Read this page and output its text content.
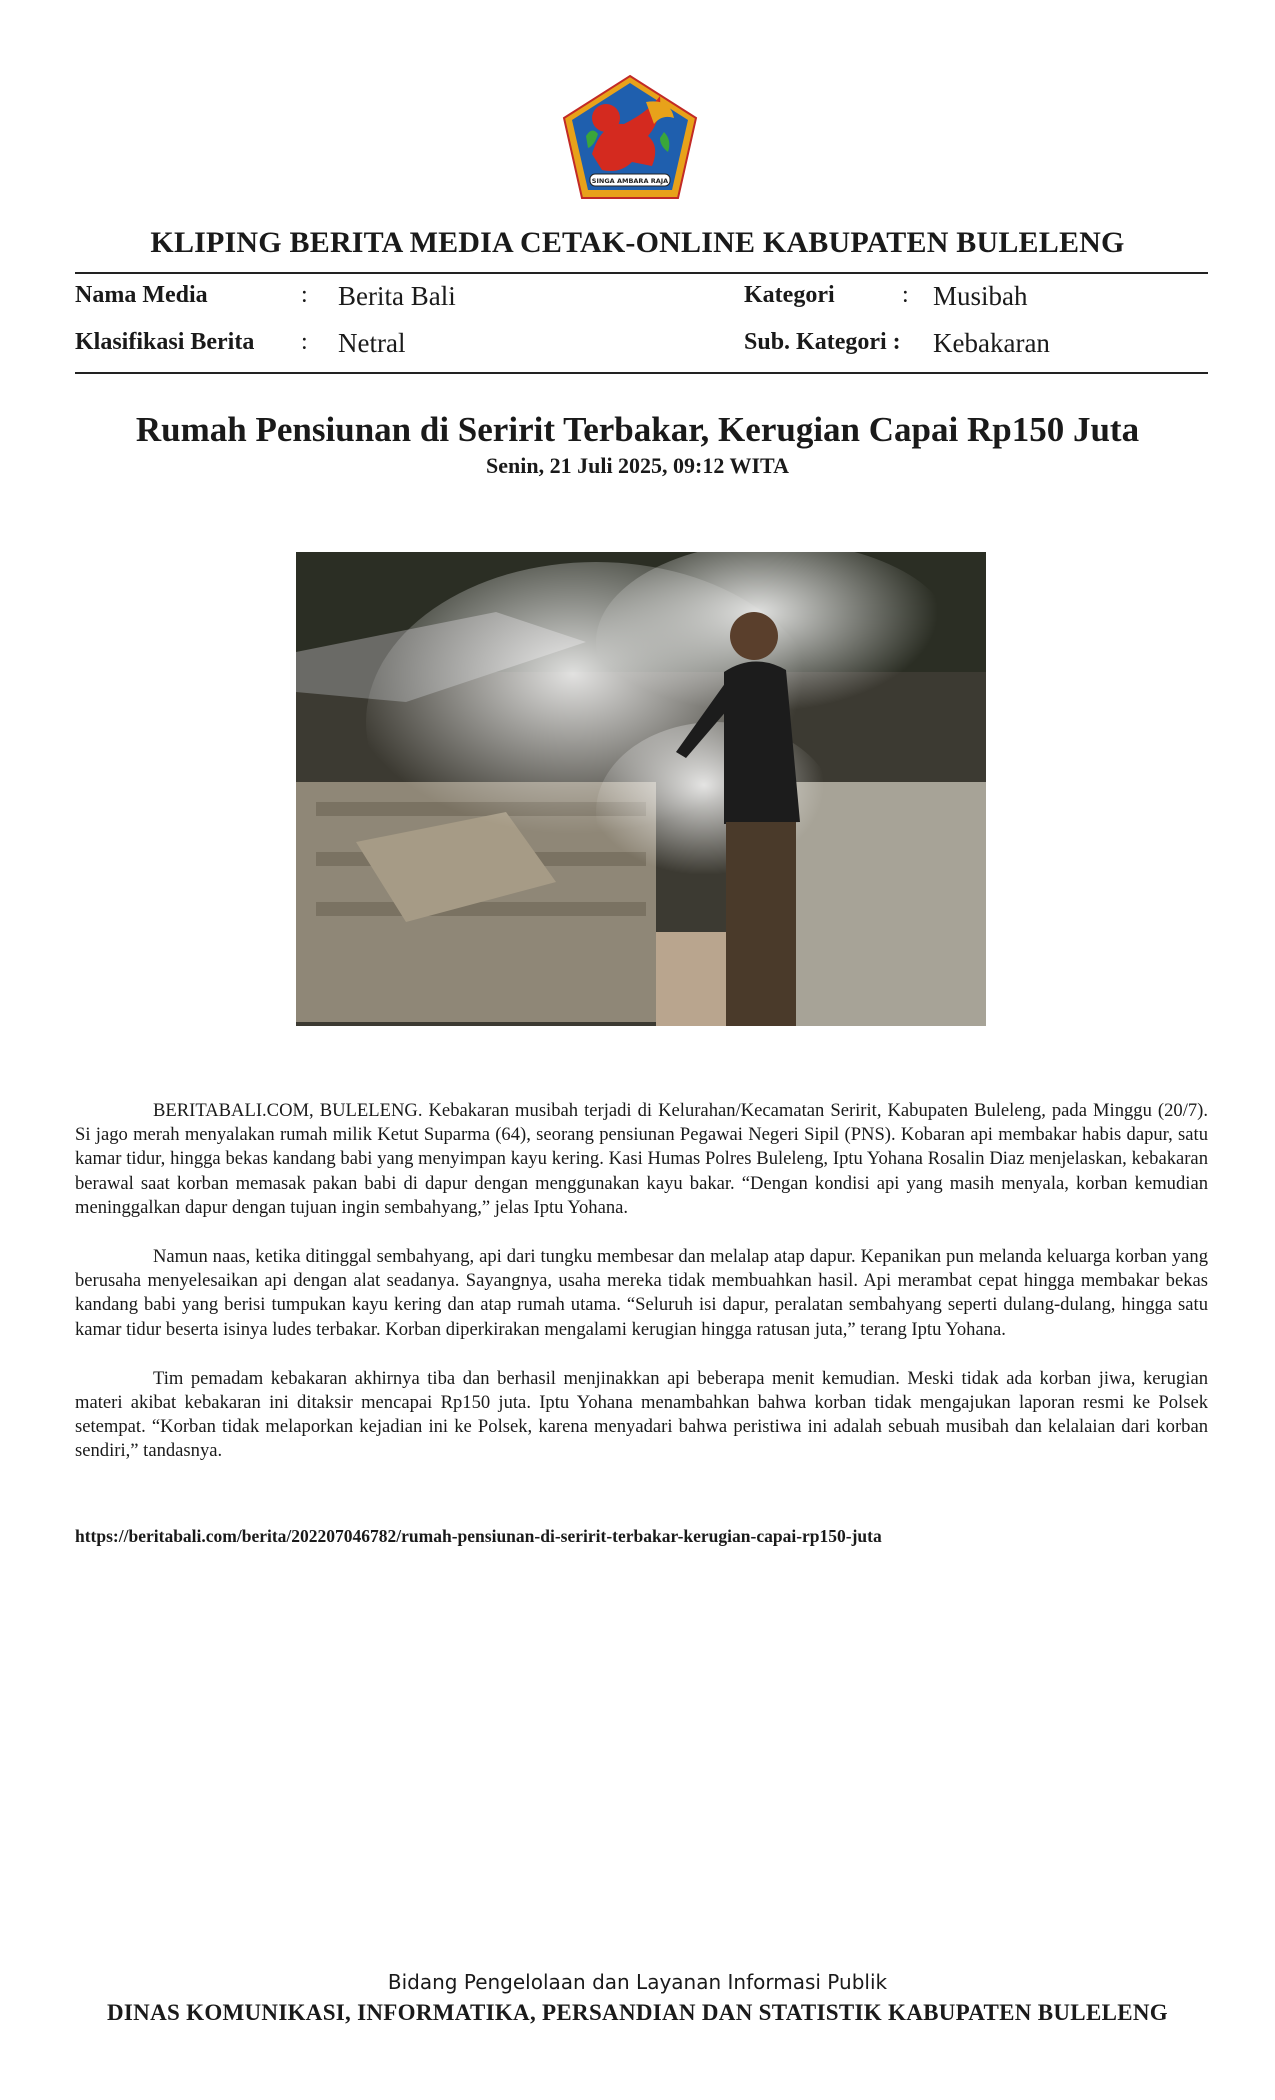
SINGA AMBARA RAJA
KLIPING BERITA MEDIA CETAK-ONLINE KABUPATEN BULELENG
Nama Media	: Berita Bali
Klasifikasi Berita : Netral
Kategori	: Musibah
Sub. Kategori : Kebakaran
Rumah Pensiunan di Seririt Terbakar, Kerugian Capai Rp150 Juta
Senin, 21 Juli 2025, 09:12 WITA

BERITABALI.COM, BULELENG. Kebakaran musibah terjadi di Kelurahan/Kecamatan Seririt, Kabupaten Buleleng, pada Minggu (20/7). Si jago merah menyalakan rumah milik Ketut Suparma (64), seorang pensiunan Pegawai Negeri Sipil (PNS). Kobaran api membakar habis dapur, satu kamar tidur, hingga bekas kandang babi yang menyimpan kayu kering. Kasi Humas Polres Buleleng, Iptu Yohana Rosalin Diaz menjelaskan, kebakaran berawal saat korban memasak pakan babi di dapur dengan menggunakan kayu bakar. “Dengan kondisi api yang masih menyala, korban kemudian meninggalkan dapur dengan tujuan ingin sembahyang,” jelas Iptu Yohana.

Namun naas, ketika ditinggal sembahyang, api dari tungku membesar dan melalap atap dapur. Kepanikan pun melanda keluarga korban yang berusaha menyelesaikan api dengan alat seadanya. Sayangnya, usaha mereka tidak membuahkan hasil. Api merambat cepat hingga membakar bekas kandang babi yang berisi tumpukan kayu kering dan atap rumah utama. “Seluruh isi dapur, peralatan sembahyang seperti dulang-dulang, hingga satu kamar tidur beserta isinya ludes terbakar. Korban diperkirakan mengalami kerugian hingga ratusan juta,” terang Iptu Yohana.

Tim pemadam kebakaran akhirnya tiba dan berhasil menjinakkan api beberapa menit kemudian. Meski tidak ada korban jiwa, kerugian materi akibat kebakaran ini ditaksir mencapai Rp150 juta. Iptu Yohana menambahkan bahwa korban tidak mengajukan laporan resmi ke Polsek setempat. “Korban tidak melaporkan kejadian ini ke Polsek, karena menyadari bahwa peristiwa ini adalah sebuah musibah dan kelalaian dari korban sendiri,” tandasnya.

https://beritabali.com/berita/202207046782/rumah-pensiunan-di-seririt-terbakar-kerugian-capai-rp150-juta
Bidang Pengelolaan dan Layanan Informasi Publik
DINAS KOMUNIKASI, INFORMATIKA, PERSANDIAN DAN STATISTIK KABUPATEN BULELENG
